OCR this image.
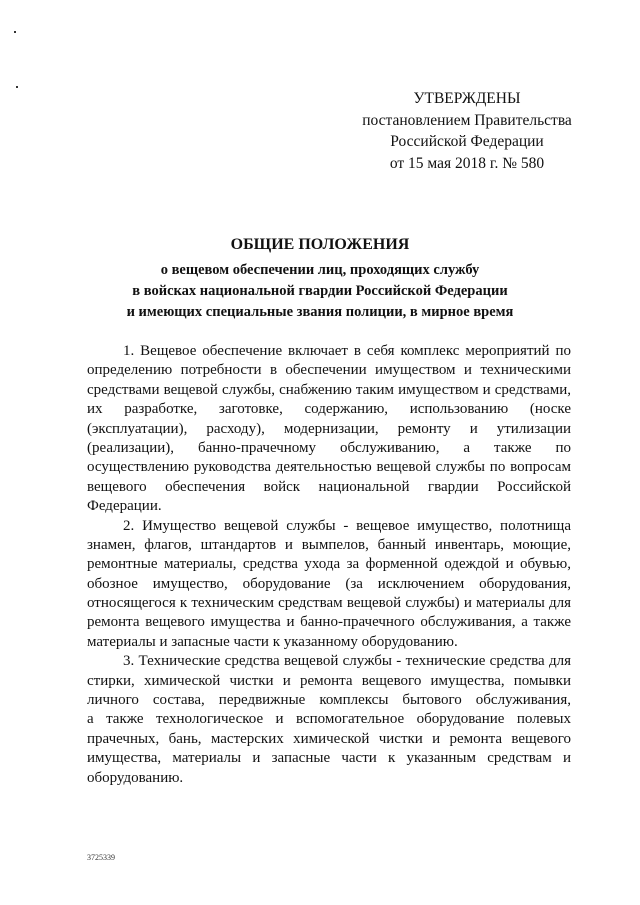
УТВЕРЖДЕНЫ
постановлением Правительства
Российской Федерации
от 15 мая 2018 г. № 580
ОБЩИЕ ПОЛОЖЕНИЯ
о вещевом обеспечении лиц, проходящих службу
в войсках национальной гвардии Российской Федерации
и имеющих специальные звания полиции, в мирное время
1. Вещевое обеспечение включает в себя комплекс мероприятий по
определению потребности в обеспечении имуществом и техническими
средствами вещевой службы, снабжению таким имуществом и средствами,
их разработке, заготовке, содержанию, использованию (носке
(эксплуатации), расходу), модернизации, ремонту и утилизации
(реализации), банно-прачечному обслуживанию, а также по
осуществлению руководства деятельностью вещевой службы по вопросам
вещевого обеспечения войск национальной гвардии Российской
Федерации.
2. Имущество вещевой службы - вещевое имущество, полотнища
знамен, флагов, штандартов и вымпелов, банный инвентарь, моющие,
ремонтные материалы, средства ухода за форменной одеждой и обувью,
обозное имущество, оборудование (за исключением оборудования,
относящегося к техническим средствам вещевой службы) и материалы для
ремонта вещевого имущества и банно-прачечного обслуживания, а также
материалы и запасные части к указанному оборудованию.
3. Технические средства вещевой службы - технические средства для
стирки, химической чистки и ремонта вещевого имущества, помывки
личного состава, передвижные комплексы бытового обслуживания,
а также технологическое и вспомогательное оборудование полевых
прачечных, бань, мастерских химической чистки и ремонта вещевого
имущества, материалы и запасные части к указанным средствам и
оборудованию.
3725339
